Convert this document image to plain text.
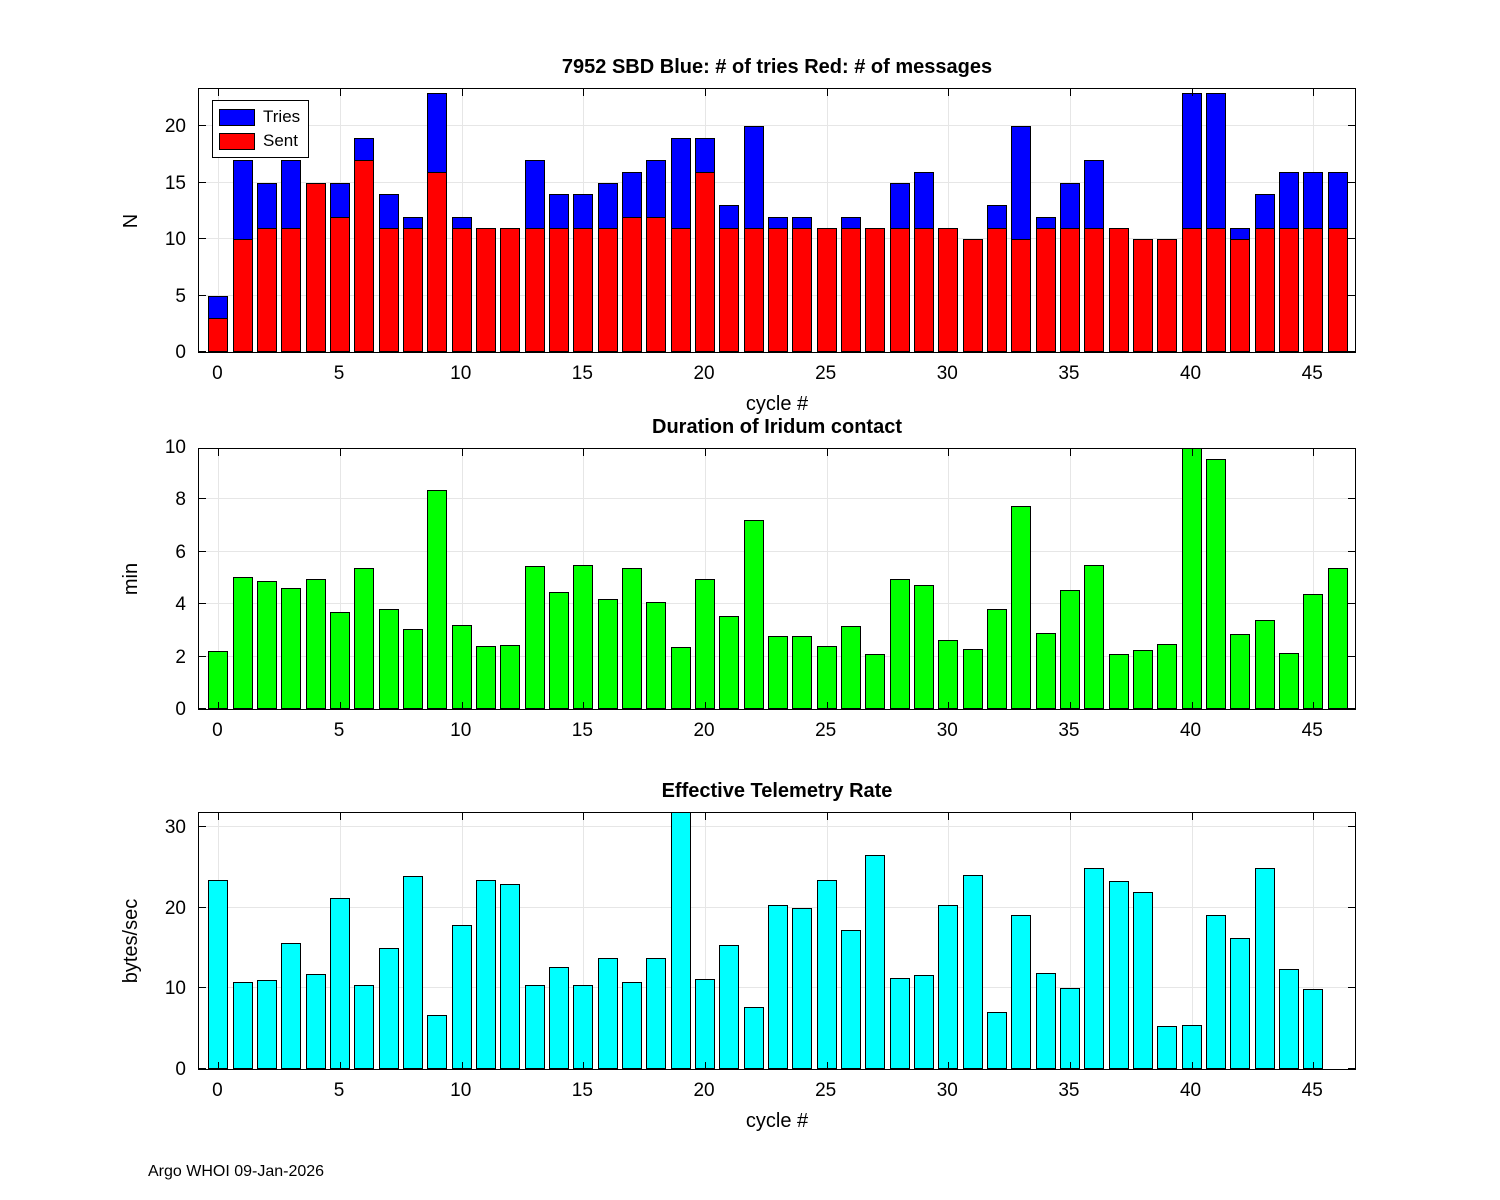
Argo WHOI 09-Jan-2026
7952 SBD Blue: # of tries Red: # of messages
0	5	10	15	20	25	30	35	40	45
0
5
10
15
20
cycle #
N
Tries
Sent
Duration of Iridum contact
0	5	10	15	20	25	30	35	40	45
0
2
4
6
8
10
min
Effective Telemetry Rate
0	5	10	15	20	25	30	35	40	45
0
10
20
30
cycle #
bytes/sec
